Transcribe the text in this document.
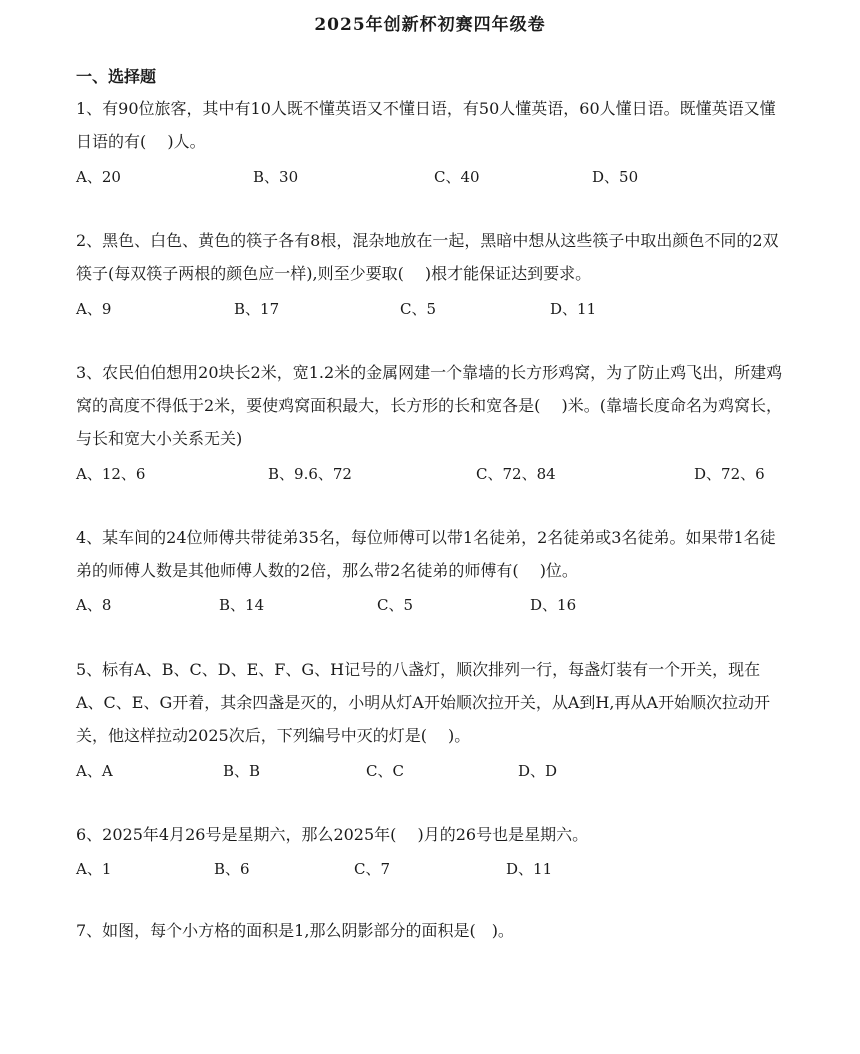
2025年创新杯初赛四年级卷
一、选择题
1、有90位旅客，其中有10人既不懂英语又不懂日语，有50人懂英语，60人懂日语。既懂英语又懂日语的有(　 )人。
A、20	B、30	C、40	D、50
2、黑色、白色、黄色的筷子各有8根，混杂地放在一起，黑暗中想从这些筷子中取出颜色不同的2双筷子(每双筷子两根的颜色应一样),则至少要取(　 )根才能保证达到要求。
A、9	B、17	C、5	D、11
3、农民伯伯想用20块长2米，宽1.2米的金属网建一个靠墙的长方形鸡窝，为了防止鸡飞出，所建鸡窝的高度不得低于2米，要使鸡窝面积最大，长方形的长和宽各是(　 )米。(靠墙长度命名为鸡窝长，与长和宽大小关系无关)
A、12、6	B、9.6、72	C、72、84	D、72、6
4、某车间的24位师傅共带徒弟35名，每位师傅可以带1名徒弟，2名徒弟或3名徒弟。如果带1名徒弟的师傅人数是其他师傅人数的2倍，那么带2名徒弟的师傅有(　 )位。
A、8	B、14	C、5	D、16
5、标有A、B、C、D、E、F、G、H记号的八盏灯，顺次排列一行，每盏灯装有一个开关，现在A、C、E、G开着，其余四盏是灭的，小明从灯A开始顺次拉开关，从A到H,再从A开始顺次拉动开关，他这样拉动2025次后，下列编号中灭的灯是(　 )。
A、A	B、B	C、C	D、D
6、2025年4月26号是星期六，那么2025年(　 )月的26号也是星期六。
A、1	B、6	C、7	D、11
7、如图，每个小方格的面积是1,那么阴影部分的面积是(　)。
